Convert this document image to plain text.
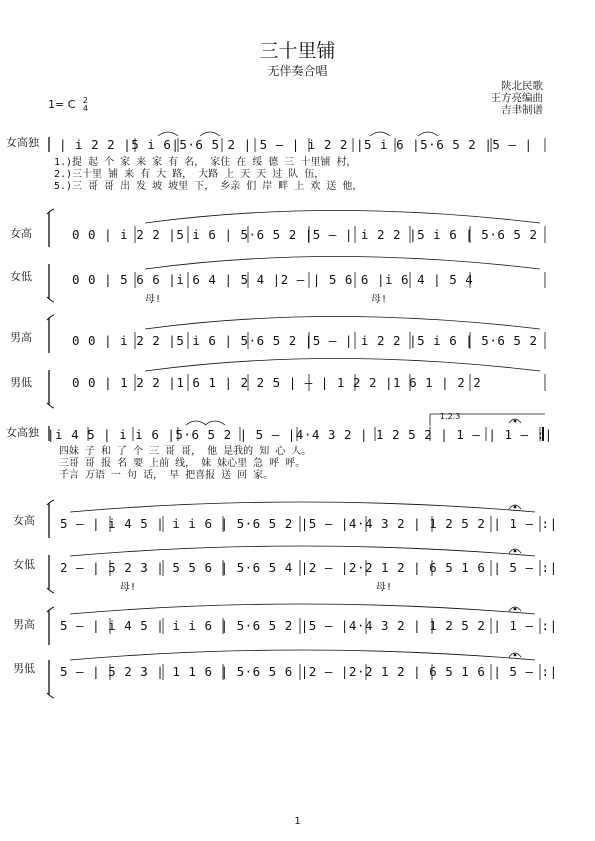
三十里铺
无伴奏合唱
陕北民歌
王方亮编曲
吉聿制谱
1= C 2
4
女高独 | i 2 2 |5 i 6|5·6 5 2 | 5 – | i 2 2 |5 i 6 |5·6 5 2 |5 – |
1.)提 起 个 家 来 家 有 名， 家住 在 绥 德 三 十里铺 村，
2.)三十里 铺 来 有 大 路， 大路 上 天 天 过 队 伍，
5.)三 哥 哥 出 发 坡 坡里 下， 乡亲 们 岸 畔 上 欢 送 他，
女高	0 0 | i 2 2 |5 i 6 | 5·6 5 2 |5 – | i 2 2 |5 i 6 | 5·6 5 2
女低	0 0 | 5 6 6 |i 6 4 | 5 4 |2 – | 5 6 6 |i 6 4 | 5 4
母!	母!
男高	0 0 | i 2 2 |5 i 6 | 5·6 5 2 |5 – | i 2 2 |5 i 6 | 5·6 5 2
男低	0 0 | 1 2 2 |1 6 1 | 2 2 5 | – | 1 2 2 |1 6 1 | 2 2
1.2.3
女高独 |i 4 5 | i i 6 |5·6 5 2 | 5 – |4·4 3 2 | 1 2 5 2 | 1 – | 1 – :|
四妹 子 和 了 个 三 哥 哥， 他 是我的 知 心 人。
三哥 哥 报 名 要 上前 线， 妹 妹心里 急 呼 呼。
千言 万语 一 句 话， 早 把喜报 送 回 家。
女高 5 – | i 4 5 | i i 6 | 5·6 5 2 |5 – |4·4 3 2 | 1 2 5 2 | 1 – :|
女低 2 – | 5 2 3 | 5 5 6 | 5·6 5 4 |2 – |2·2 1 2 | 6 5 1 6 | 5 – :|
母!	母!
男高 5 – | i 4 5 | i i 6 | 5·6 5 2 |5 – |4·4 3 2 | 1 2 5 2 | 1 – :|
男低 5 – | 5 2 3 | 1 1 6 | 5·6 5 6 |2 – |2·2 1 2 | 6 5 1 6 | 5 – :|
1
